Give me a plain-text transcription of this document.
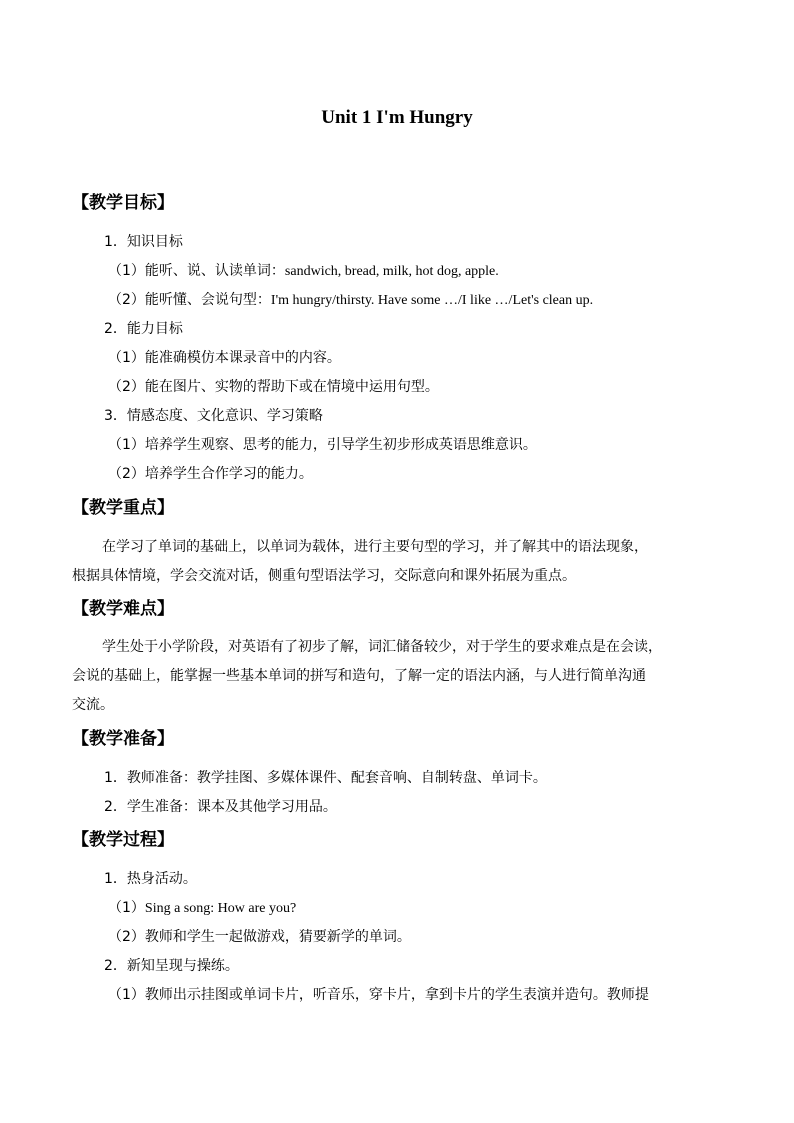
Unit 1 I'm Hungry
【教学目标】
1．知识目标
（1）能听、说、认读单词：sandwich, bread, milk, hot dog, apple.
（2）能听懂、会说句型：I'm hungry/thirsty. Have some …/I like …/Let's clean up.
2．能力目标
（1）能准确模仿本课录音中的内容。
（2）能在图片、实物的帮助下或在情境中运用句型。
3．情感态度、文化意识、学习策略
（1）培养学生观察、思考的能力，引导学生初步形成英语思维意识。
（2）培养学生合作学习的能力。
【教学重点】
在学习了单词的基础上，以单词为载体，进行主要句型的学习，并了解其中的语法现象，
根据具体情境，学会交流对话，侧重句型语法学习，交际意向和课外拓展为重点。
【教学难点】
学生处于小学阶段，对英语有了初步了解，词汇储备较少，对于学生的要求难点是在会读，
会说的基础上，能掌握一些基本单词的拼写和造句，了解一定的语法内涵，与人进行简单沟通
交流。
【教学准备】
1．教师准备：教学挂图、多媒体课件、配套音响、自制转盘、单词卡。
2．学生准备：课本及其他学习用品。
【教学过程】
1．热身活动。
（1）Sing a song: How are you?
（2）教师和学生一起做游戏，猜要新学的单词。
2．新知呈现与操练。
（1）教师出示挂图或单词卡片，听音乐，穿卡片，拿到卡片的学生表演并造句。教师提
